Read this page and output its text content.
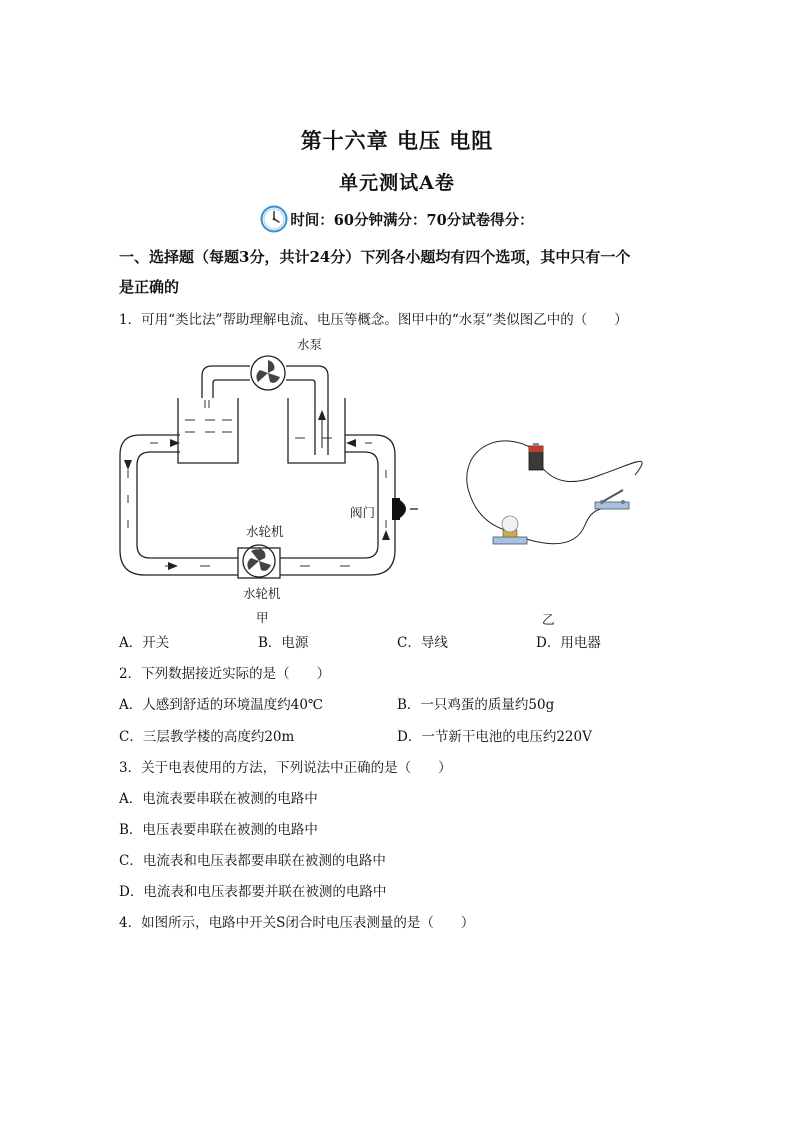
第十六章 电压 电阻
单元测试A卷
时间：60分钟 满分：70分 试卷得分：
一、选择题（每题3分，共计24分）下列各小题均有四个选项，其中只有一个
是正确的
1．可用“类比法”帮助理解电流、电压等概念。图甲中的“水泵”类似图乙中的（　　）
水泵
水轮机
水轮机
阀门
甲	乙
A．开关	B．电源	C．导线	D．用电器
2．下列数据接近实际的是（　　）
A．人感到舒适的环境温度约40℃	B．一只鸡蛋的质量约50g
C．三层教学楼的高度约20m	D．一节新干电池的电压约220V
3．关于电表使用的方法，下列说法中正确的是（　　）
A．电流表要串联在被测的电路中
B．电压表要串联在被测的电路中
C．电流表和电压表都要串联在被测的电路中
D．电流表和电压表都要并联在被测的电路中
4．如图所示，电路中开关S闭合时电压表测量的是（　　）
